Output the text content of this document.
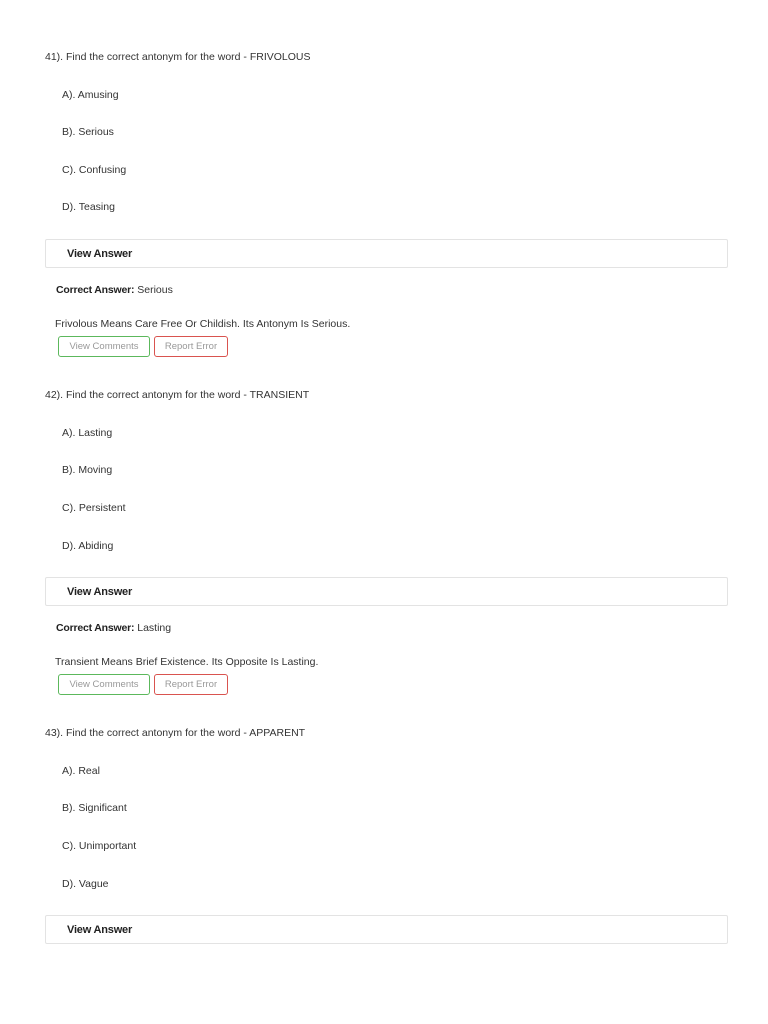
41). Find the correct antonym for the word - FRIVOLOUS
A). Amusing
B). Serious
C). Confusing
D). Teasing
View Answer
Correct Answer: Serious
Frivolous Means Care Free Or Childish. Its Antonym Is Serious.
View Comments	Report Error
42). Find the correct antonym for the word - TRANSIENT
A). Lasting
B). Moving
C). Persistent
D). Abiding
View Answer
Correct Answer: Lasting
Transient Means Brief Existence. Its Opposite Is Lasting.
View Comments	Report Error
43). Find the correct antonym for the word - APPARENT
A). Real
B). Significant
C). Unimportant
D). Vague
View Answer
